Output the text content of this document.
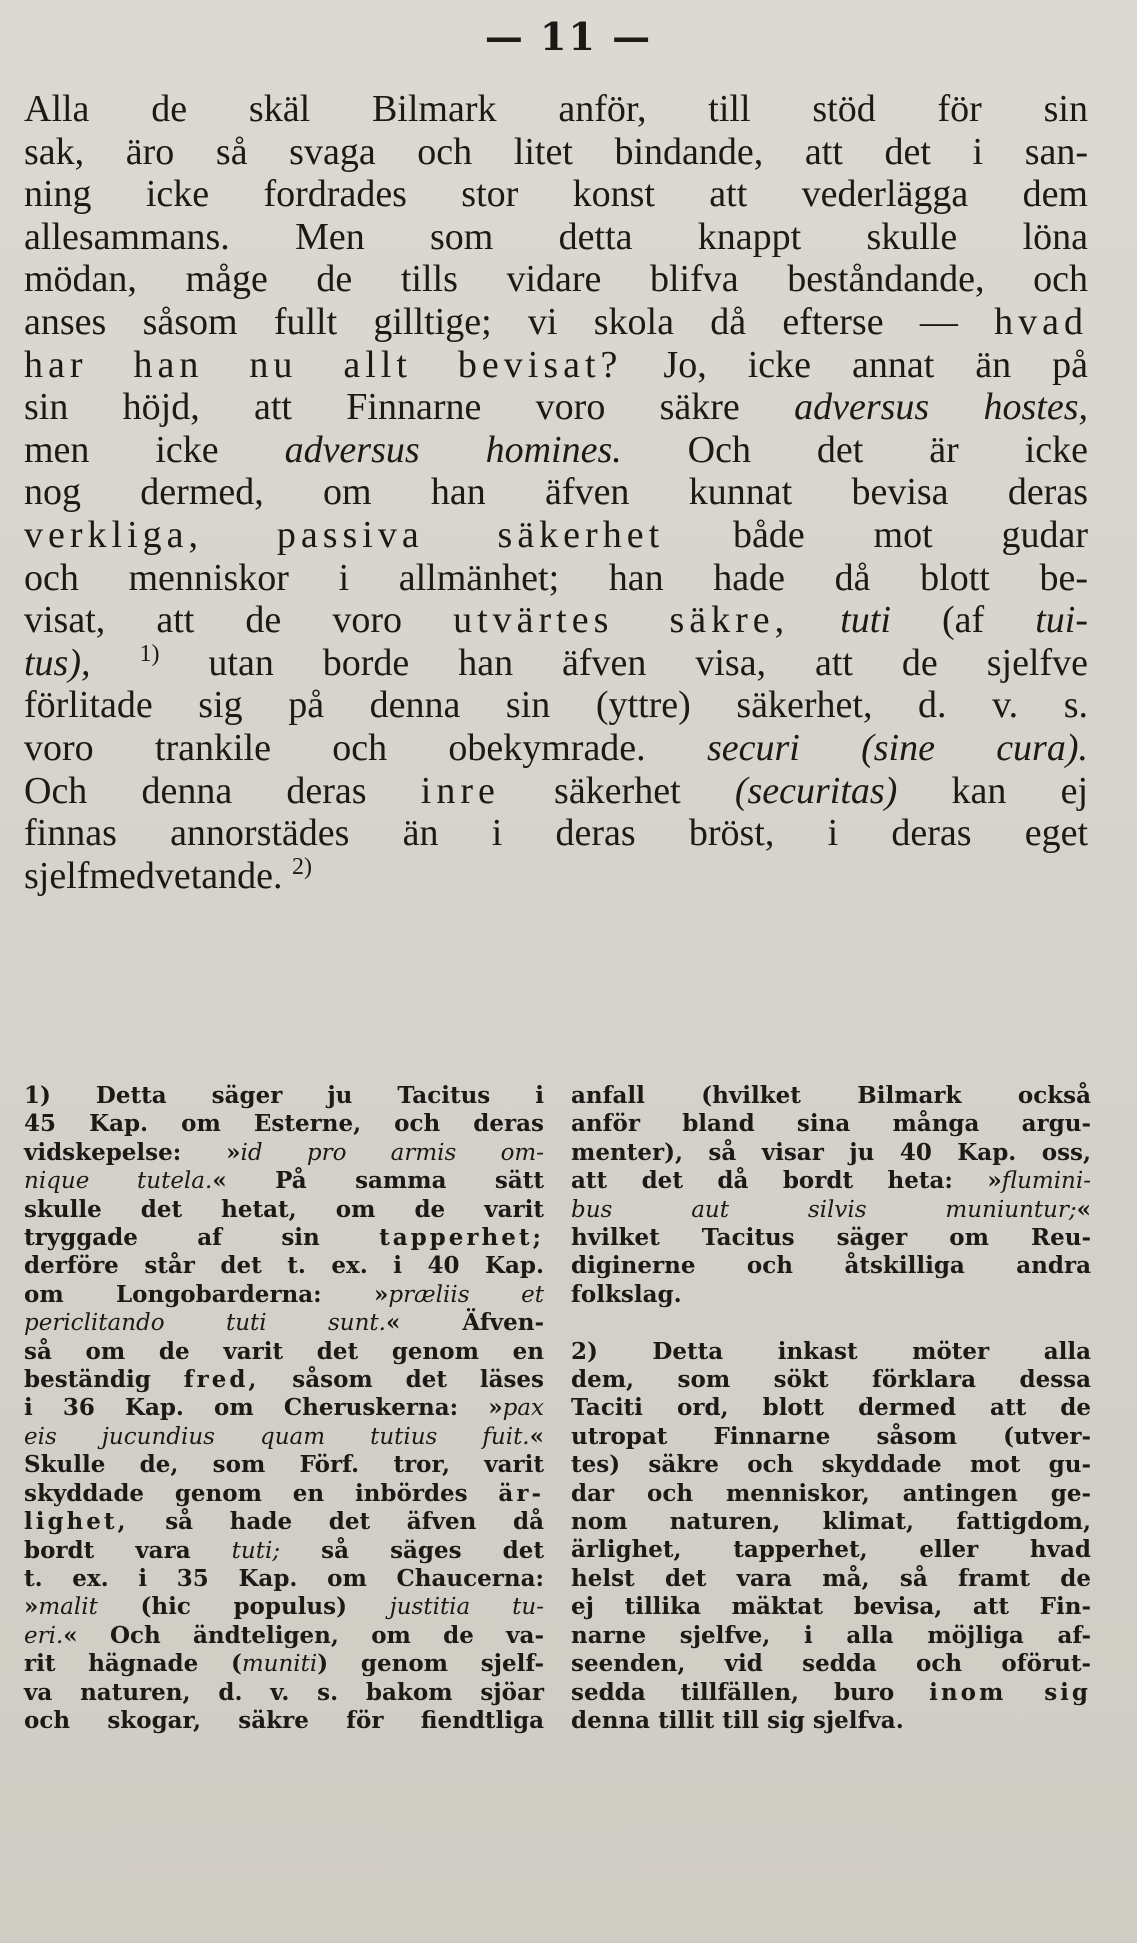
— 11 —
Alla de skäl Bilmark anför, till stöd för sin
sak, äro så svaga och litet bindande, att det i san-
ning icke fordrades stor konst att vederlägga dem
allesammans. Men som detta knappt skulle löna
mödan, måge de tills vidare blifva beståndande, och
anses såsom fullt gilltige; vi skola då efterse — hvad
har han nu allt bevisat? Jo, icke annat än på
sin höjd, att Finnarne voro säkre adversus hostes,
men icke adversus homines. Och det är icke
nog dermed, om han äfven kunnat bevisa deras
verkliga, passiva säkerhet både mot gudar
och menniskor i allmänhet; han hade då blott be-
visat, att de voro utvärtes säkre, tuti (af tui-
tus), $^{1)}$ utan borde han äfven visa, att de sjelfve
förlitade sig på denna sin (yttre) säkerhet, d. v. s.
voro trankile och obekymrade. securi (sine cura).
Och denna deras inre säkerhet (securitas) kan ej
finnas annorstädes än i deras bröst, i deras eget
sjelfmedvetande. $^{2)}$
1) Detta säger ju Tacitus i
45 Kap. om Esterne, och deras
vidskepelse: »id pro armis om-
nique tutela.« På samma sätt
skulle det hetat, om de varit
tryggade af sin tapperhet;
derföre står det t. ex. i 40 Kap.
om Longobarderna: »præliis et
periclitando tuti sunt.« Äfven-
så om de varit det genom en
beständig fred, såsom det läses
i 36 Kap. om Cheruskerna: »pax
eis jucundius quam tutius fuit.«
Skulle de, som Förf. tror, varit
skyddade genom en inbördes är-
lighet, så hade det äfven då
bordt vara tuti; så säges det
t. ex. i 35 Kap. om Chaucerna:
»malit (hic populus) justitia tu-
eri.« Och ändteligen, om de va-
rit hägnade (muniti) genom sjelf-
va naturen, d. v. s. bakom sjöar
och skogar, säkre för fiendtliga
anfall (hvilket Bilmark också
anför bland sina många argu-
menter), så visar ju 40 Kap. oss,
att det då bordt heta: »flumini-
bus aut silvis muniuntur;«
hvilket Tacitus säger om Reu-
diginerne och åtskilliga andra
folkslag.
2) Detta inkast möter alla
dem, som sökt förklara dessa
Taciti ord, blott dermed att de
utropat Finnarne såsom (utver-
tes) säkre och skyddade mot gu-
dar och menniskor, antingen ge-
nom naturen, klimat, fattigdom,
ärlighet, tapperhet, eller hvad
helst det vara må, så framt de
ej tillika mäktat bevisa, att Fin-
narne sjelfve, i alla möjliga af-
seenden, vid sedda och oförut-
sedda tillfällen, buro inom sig
denna tillit till sig sjelfva.
